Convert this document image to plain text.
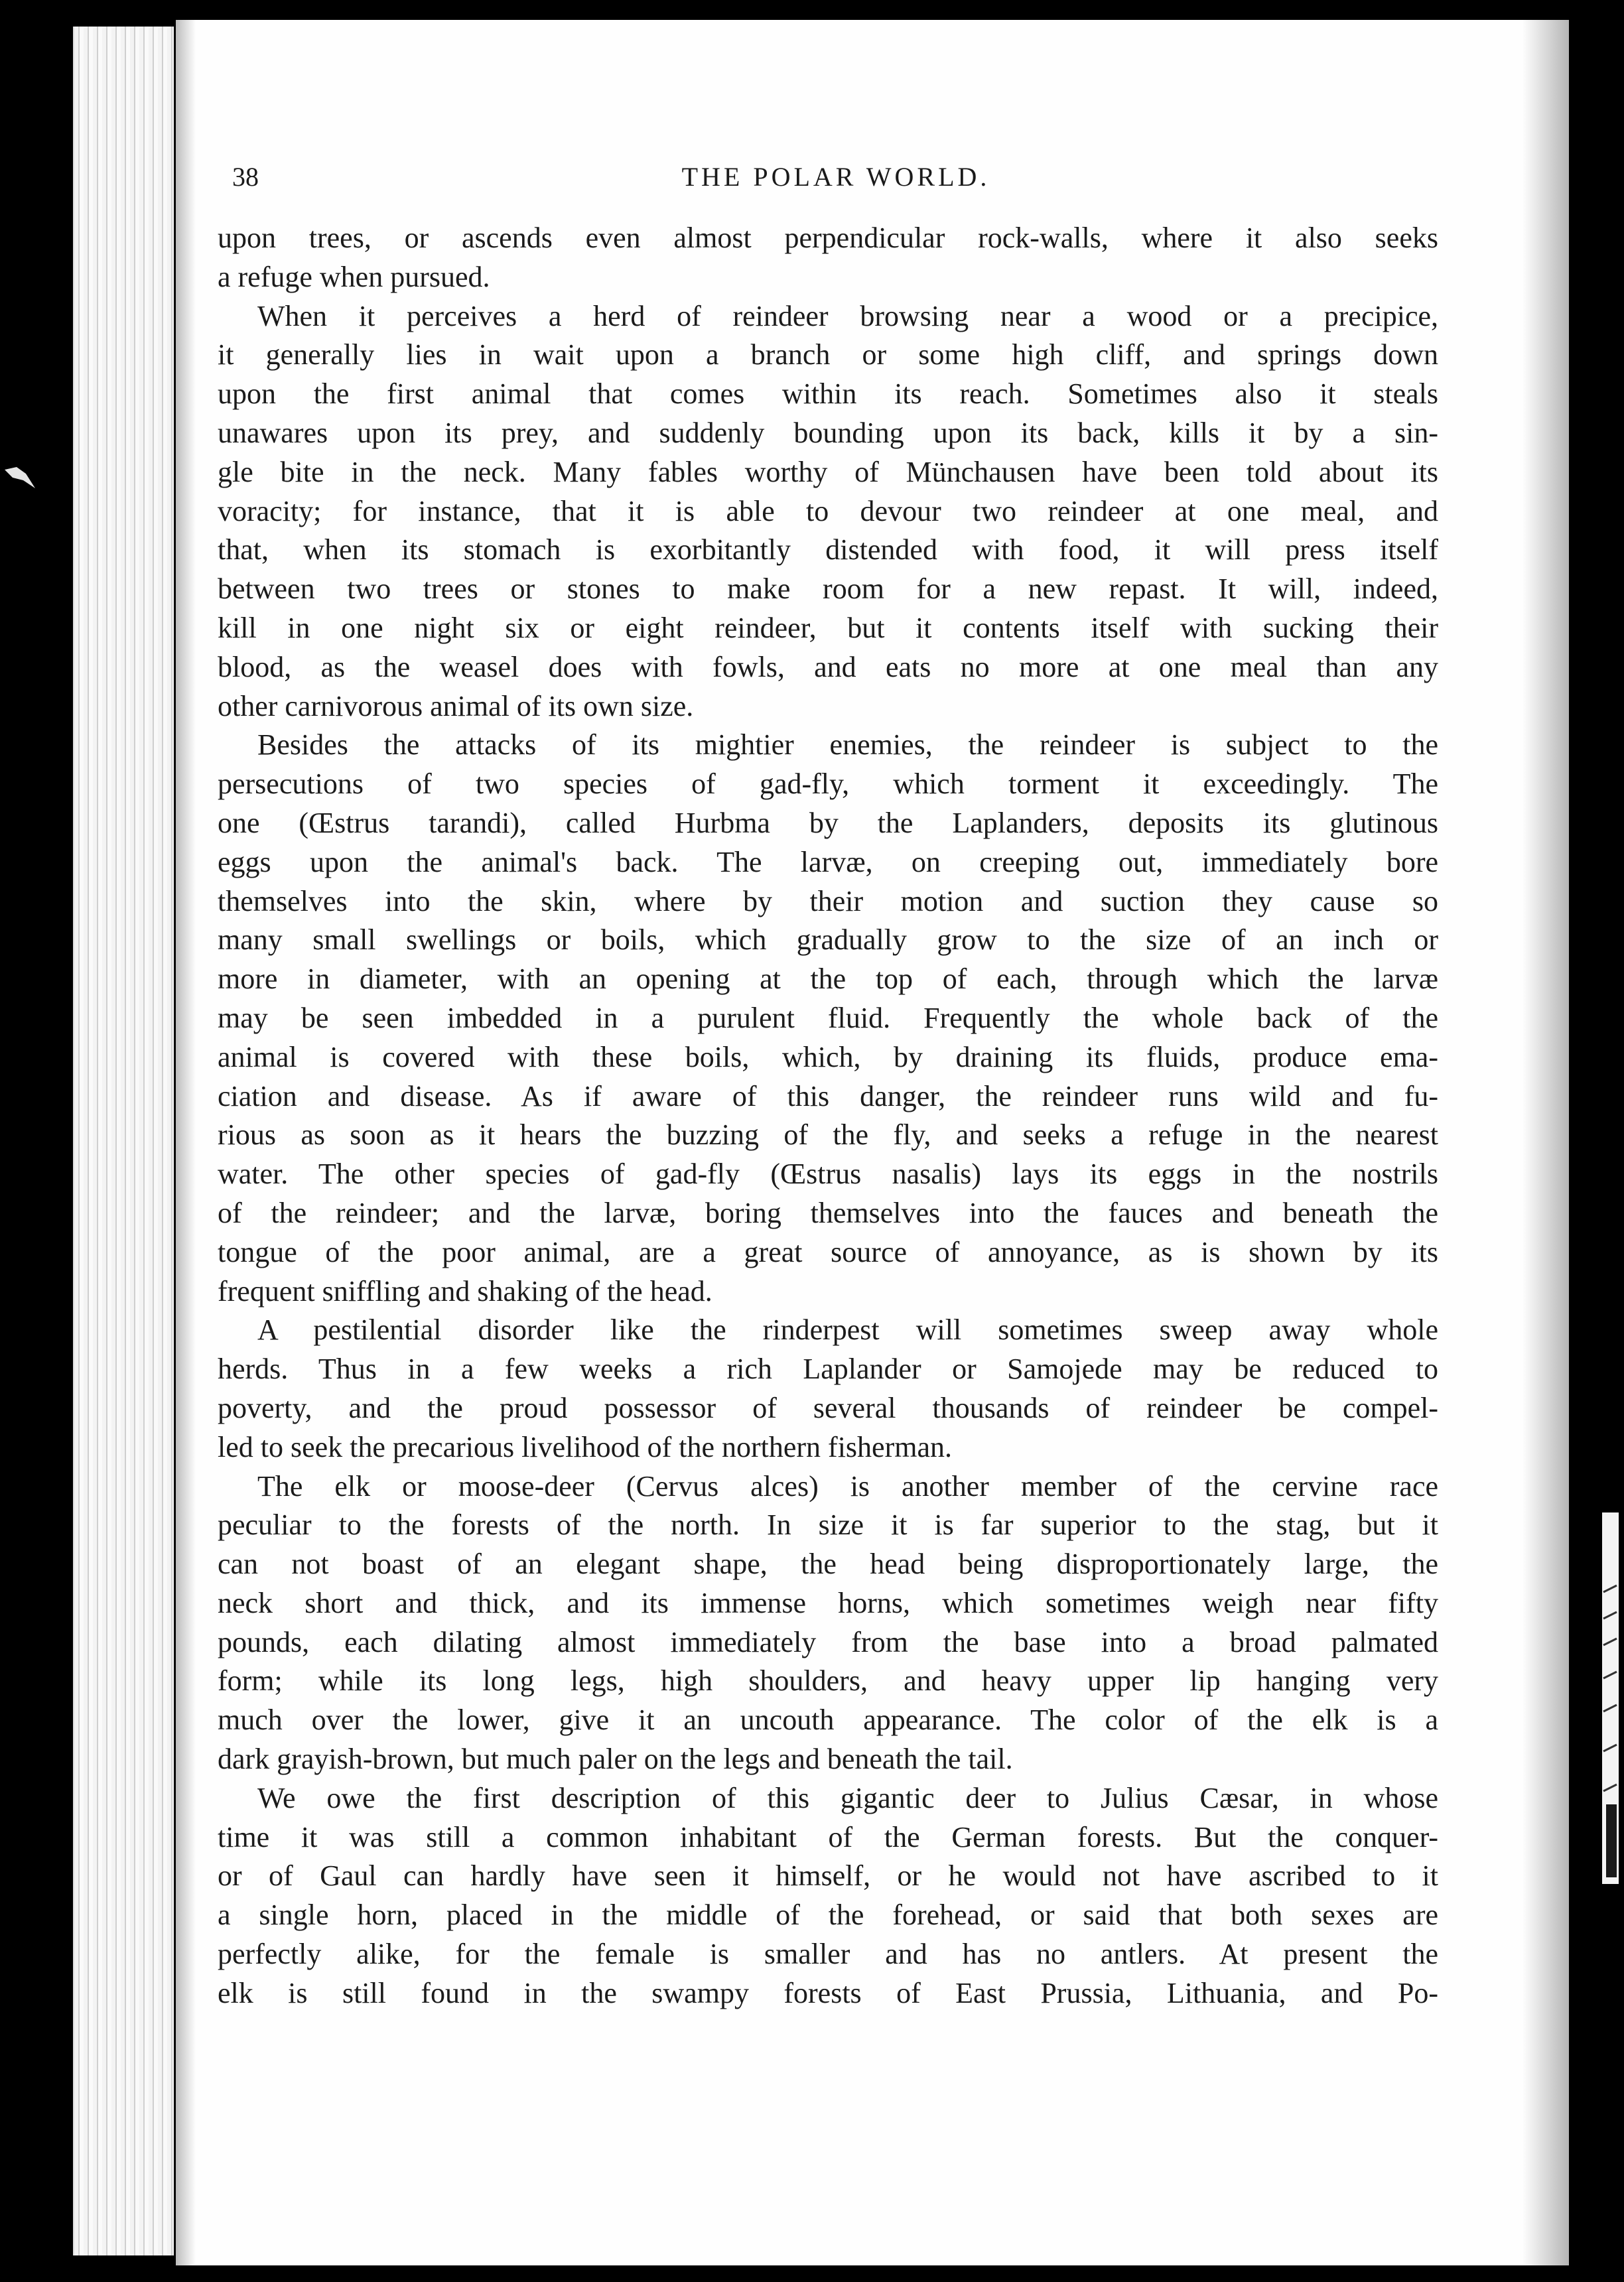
38	THE POLAR WORLD.
upon trees, or ascends even almost perpendicular rock-walls, where it also seeks
a refuge when pursued.
When it perceives a herd of reindeer browsing near a wood or a precipice,
it generally lies in wait upon a branch or some high cliff, and springs down
upon the first animal that comes within its reach. Sometimes also it steals
unawares upon its prey, and suddenly bounding upon its back, kills it by a sin-
gle bite in the neck. Many fables worthy of Münchausen have been told about its
voracity; for instance, that it is able to devour two reindeer at one meal, and
that, when its stomach is exorbitantly distended with food, it will press itself
between two trees or stones to make room for a new repast. It will, indeed,
kill in one night six or eight reindeer, but it contents itself with sucking their
blood, as the weasel does with fowls, and eats no more at one meal than any
other carnivorous animal of its own size.
Besides the attacks of its mightier enemies, the reindeer is subject to the
persecutions of two species of gad-fly, which torment it exceedingly. The
one (Œstrus tarandi), called Hurbma by the Laplanders, deposits its glutinous
eggs upon the animal's back. The larvæ, on creeping out, immediately bore
themselves into the skin, where by their motion and suction they cause so
many small swellings or boils, which gradually grow to the size of an inch or
more in diameter, with an opening at the top of each, through which the larvæ
may be seen imbedded in a purulent fluid. Frequently the whole back of the
animal is covered with these boils, which, by draining its fluids, produce ema-
ciation and disease. As if aware of this danger, the reindeer runs wild and fu-
rious as soon as it hears the buzzing of the fly, and seeks a refuge in the nearest
water. The other species of gad-fly (Œstrus nasalis) lays its eggs in the nostrils
of the reindeer; and the larvæ, boring themselves into the fauces and beneath the
tongue of the poor animal, are a great source of annoyance, as is shown by its
frequent sniffling and shaking of the head.
A pestilential disorder like the rinderpest will sometimes sweep away whole
herds. Thus in a few weeks a rich Laplander or Samojede may be reduced to
poverty, and the proud possessor of several thousands of reindeer be compel-
led to seek the precarious livelihood of the northern fisherman.
The elk or moose-deer (Cervus alces) is another member of the cervine race
peculiar to the forests of the north. In size it is far superior to the stag, but it
can not boast of an elegant shape, the head being disproportionately large, the
neck short and thick, and its immense horns, which sometimes weigh near fifty
pounds, each dilating almost immediately from the base into a broad palmated
form; while its long legs, high shoulders, and heavy upper lip hanging very
much over the lower, give it an uncouth appearance. The color of the elk is a
dark grayish-brown, but much paler on the legs and beneath the tail.
We owe the first description of this gigantic deer to Julius Cæsar, in whose
time it was still a common inhabitant of the German forests. But the conquer-
or of Gaul can hardly have seen it himself, or he would not have ascribed to it
a single horn, placed in the middle of the forehead, or said that both sexes are
perfectly alike, for the female is smaller and has no antlers. At present the
elk is still found in the swampy forests of East Prussia, Lithuania, and Po-
